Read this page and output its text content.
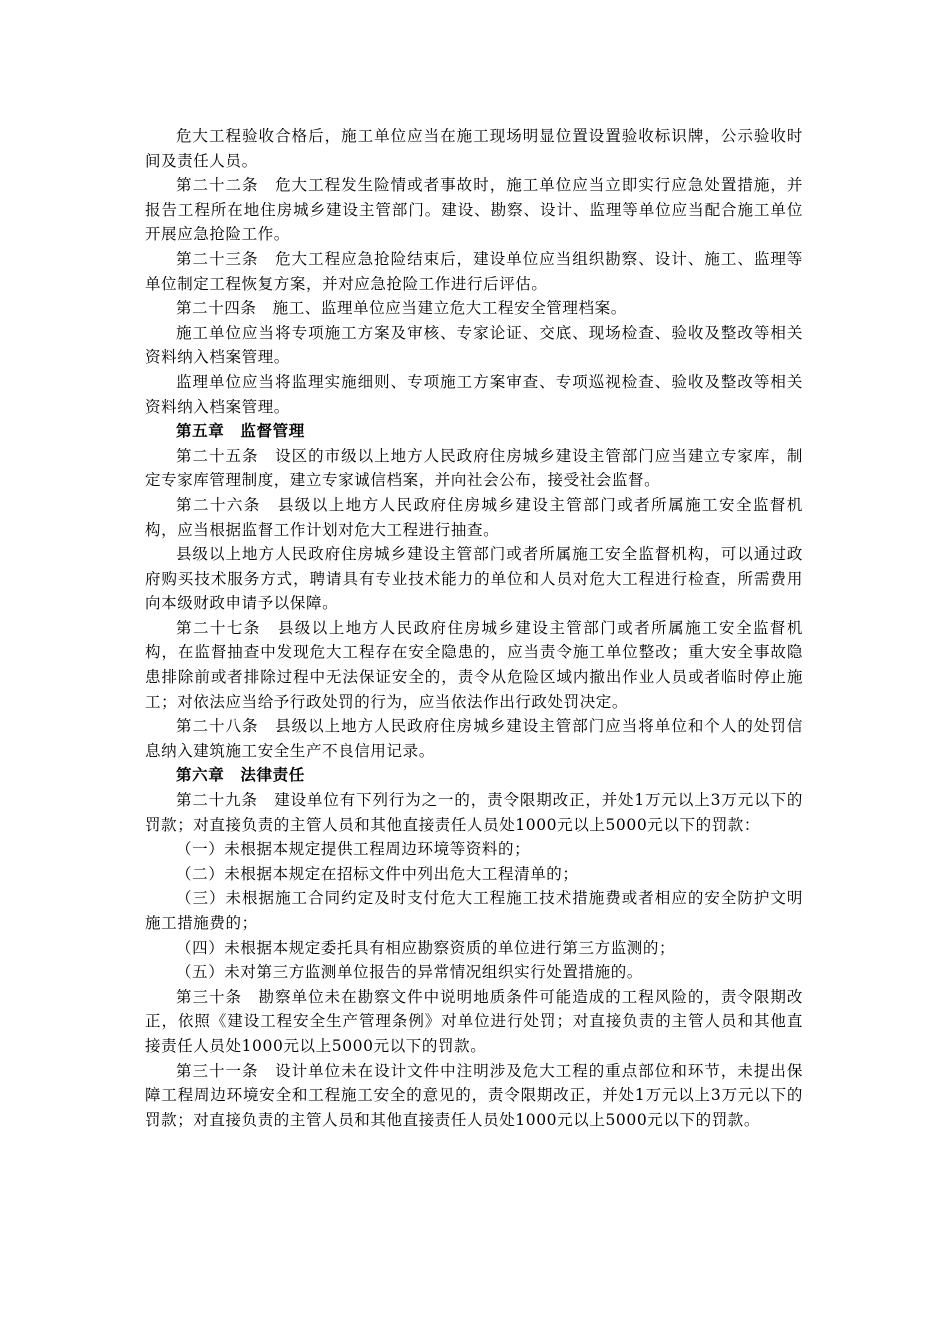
危大工程验收合格后，施工单位应当在施工现场明显位置设置验收标识牌，公示验收时间及责任人员。

第二十二条　危大工程发生险情或者事故时，施工单位应当立即实行应急处置措施，并报告工程所在地住房城乡建设主管部门。建设、勘察、设计、监理等单位应当配合施工单位开展应急抢险工作。

第二十三条　危大工程应急抢险结束后，建设单位应当组织勘察、设计、施工、监理等单位制定工程恢复方案，并对应急抢险工作进行后评估。

第二十四条　施工、监理单位应当建立危大工程安全管理档案。

施工单位应当将专项施工方案及审核、专家论证、交底、现场检查、验收及整改等相关资料纳入档案管理。

监理单位应当将监理实施细则、专项施工方案审查、专项巡视检查、验收及整改等相关资料纳入档案管理。

第五章　监督管理

第二十五条　设区的市级以上地方人民政府住房城乡建设主管部门应当建立专家库，制定专家库管理制度，建立专家诚信档案，并向社会公布，接受社会监督。

第二十六条　县级以上地方人民政府住房城乡建设主管部门或者所属施工安全监督机构，应当根据监督工作计划对危大工程进行抽查。

县级以上地方人民政府住房城乡建设主管部门或者所属施工安全监督机构，可以通过政府购买技术服务方式，聘请具有专业技术能力的单位和人员对危大工程进行检查，所需费用向本级财政申请予以保障。

第二十七条　县级以上地方人民政府住房城乡建设主管部门或者所属施工安全监督机构，在监督抽查中发现危大工程存在安全隐患的，应当责令施工单位整改；重大安全事故隐患排除前或者排除过程中无法保证安全的，责令从危险区域内撤出作业人员或者临时停止施工；对依法应当给予行政处罚的行为，应当依法作出行政处罚决定。

第二十八条　县级以上地方人民政府住房城乡建设主管部门应当将单位和个人的处罚信息纳入建筑施工安全生产不良信用记录。

第六章　法律责任

第二十九条　建设单位有下列行为之一的，责令限期改正，并处1万元以上3万元以下的罚款；对直接负责的主管人员和其他直接责任人员处1000元以上5000元以下的罚款：

（一）未根据本规定提供工程周边环境等资料的；

（二）未根据本规定在招标文件中列出危大工程清单的；

（三）未根据施工合同约定及时支付危大工程施工技术措施费或者相应的安全防护文明施工措施费的；

（四）未根据本规定委托具有相应勘察资质的单位进行第三方监测的；

（五）未对第三方监测单位报告的异常情况组织实行处置措施的。

第三十条　勘察单位未在勘察文件中说明地质条件可能造成的工程风险的，责令限期改正，依照《建设工程安全生产管理条例》对单位进行处罚；对直接负责的主管人员和其他直接责任人员处1000元以上5000元以下的罚款。

第三十一条　设计单位未在设计文件中注明涉及危大工程的重点部位和环节，未提出保障工程周边环境安全和工程施工安全的意见的，责令限期改正，并处1万元以上3万元以下的罚款；对直接负责的主管人员和其他直接责任人员处1000元以上5000元以下的罚款。
